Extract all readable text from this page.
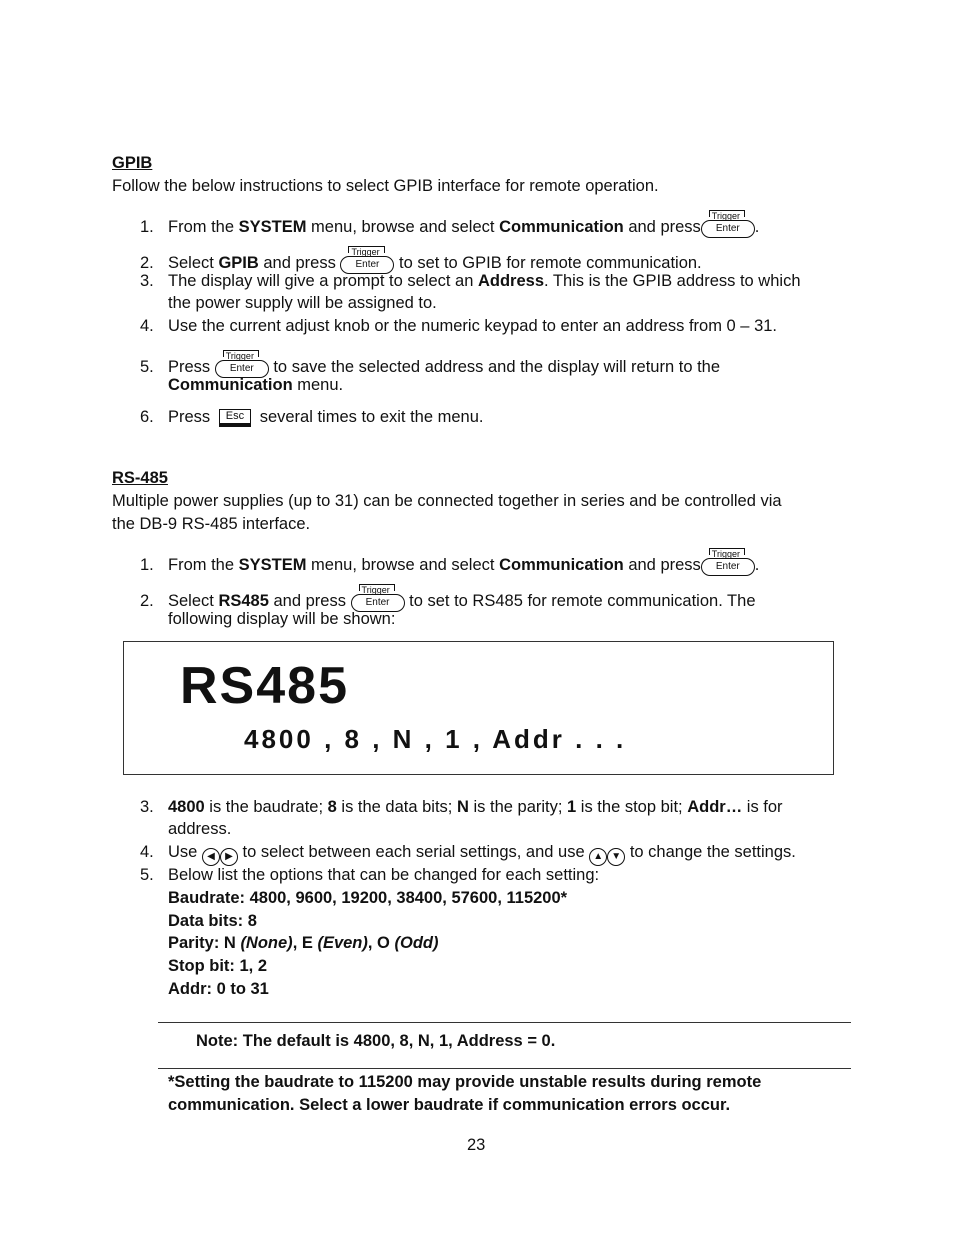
GPIB
Follow the below instructions to select GPIB interface for remote operation.
1. From the SYSTEM menu, browse and select Communication and press
Trigger
Enter .
2. Select GPIB and press
Trigger
Enter to set to GPIB for remote communication.
3. The display will give a prompt to select an Address. This is the GPIB address to which
the power supply will be assigned to.
4. Use the current adjust knob or the numeric keypad to enter an address from 0 – 31.
5. Press
Trigger
Enter to save the selected address and the display will return to the
Communication menu.
6. Press Esc several times to exit the menu.
RS-485
Multiple power supplies (up to 31) can be connected together in series and be controlled via
the DB-9 RS-485 interface.
1. From the SYSTEM menu, browse and select Communication and press
Trigger
Enter .
2. Select RS485 and press
Trigger
Enter to set to RS485 for remote communication. The
following display will be shown:
RS485
4800 , 8 , N , 1 , Addr . . .
3. 4800 is the baudrate; 8 is the data bits; N is the parity; 1 is the stop bit; Addr… is for
address.
4. Use ◀ ▶ to select between each serial settings, and use ▲ ▼ to change the settings.
5. Below list the options that can be changed for each setting:
Baudrate: 4800, 9600, 19200, 38400, 57600, 115200*
Data bits: 8
Parity: N (None), E (Even), O (Odd)
Stop bit: 1, 2
Addr: 0 to 31
Note: The default is 4800, 8, N, 1, Address = 0.
*Setting the baudrate to 115200 may provide unstable results during remote
communication. Select a lower baudrate if communication errors occur.
23
